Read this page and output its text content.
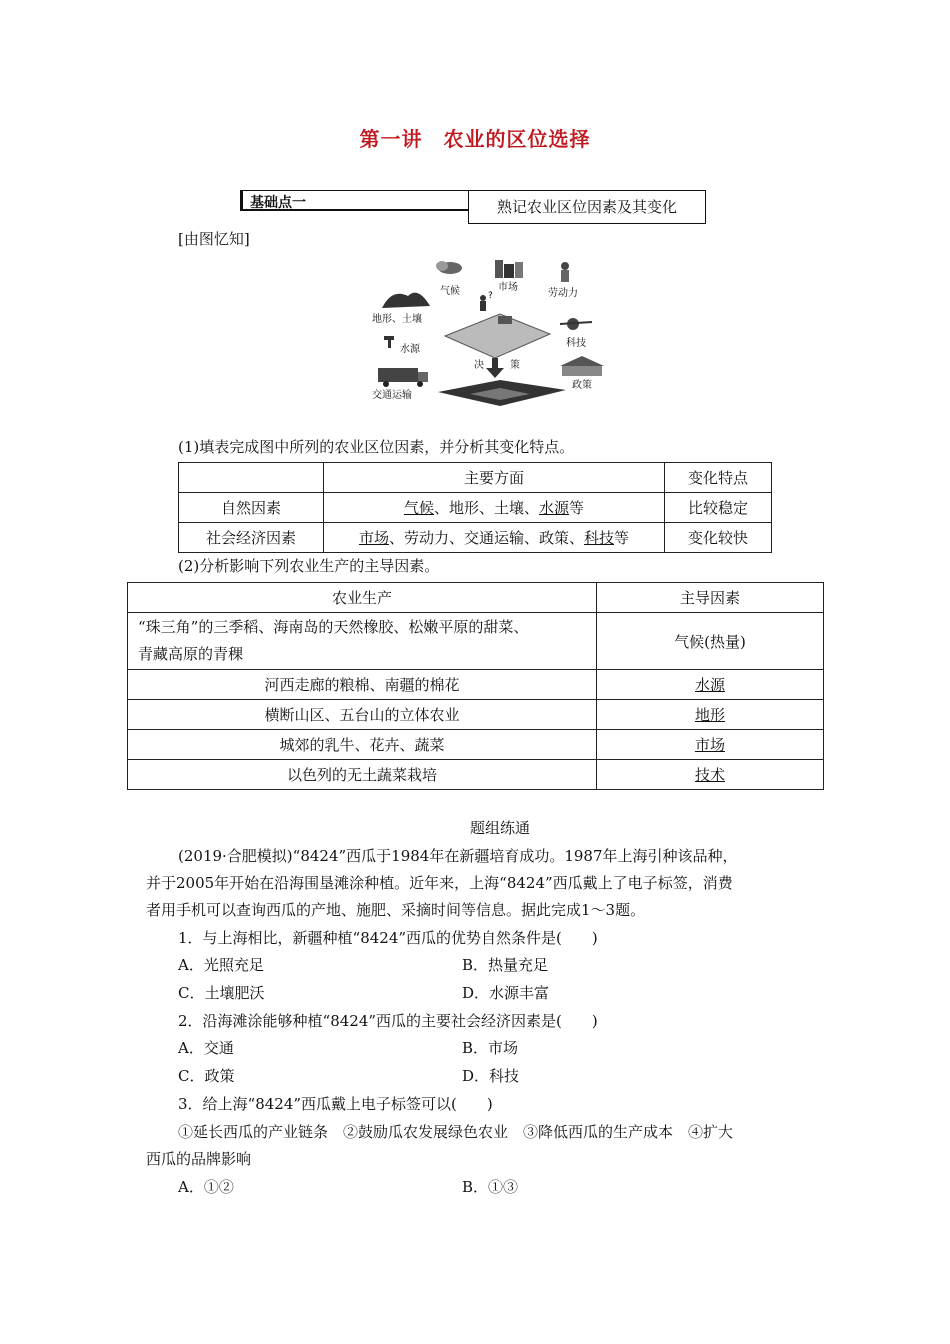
第一讲　农业的区位选择
基础点一	熟记农业区位因素及其变化
[由图忆知]
?
气候	市场
劳动力
地形、土壤
水源
科技
交通运输
政策
决	策
(1)填表完成图中所列的农业区位因素，并分析其变化特点。
	主要方面	变化特点
自然因素	气候、地形、土壤、水源等	比较稳定
社会经济因素	市场、劳动力、交通运输、政策、科技等	变化较快
(2)分析影响下列农业生产的主导因素。
农业生产	主导因素

“珠三角”的三季稻、海南岛的天然橡胶、松嫩平原的甜菜、
青藏高原的青稞	气候(热量)
河西走廊的粮棉、南疆的棉花	水源
横断山区、五台山的立体农业	地形
城郊的乳牛、花卉、蔬菜	市场
以色列的无土蔬菜栽培	技术
题组练通
(2019·合肥模拟)“8424”西瓜于1984年在新疆培育成功。1987年上海引种该品种，
并于2005年开始在沿海围垦滩涂种植。近年来，上海“8424”西瓜戴上了电子标签，消费
者用手机可以查询西瓜的产地、施肥、采摘时间等信息。据此完成1～3题。
1．与上海相比，新疆种植“8424”西瓜的优势自然条件是(　　)
A．光照充足	B．热量充足
C．土壤肥沃	D．水源丰富
2．沿海滩涂能够种植“8424”西瓜的主要社会经济因素是(　　)
A．交通	B．市场
C．政策	D．科技
3．给上海“8424”西瓜戴上电子标签可以(　　)
①延长西瓜的产业链条　②鼓励瓜农发展绿色农业　③降低西瓜的生产成本　④扩大
西瓜的品牌影响
A．①②	B．①③
